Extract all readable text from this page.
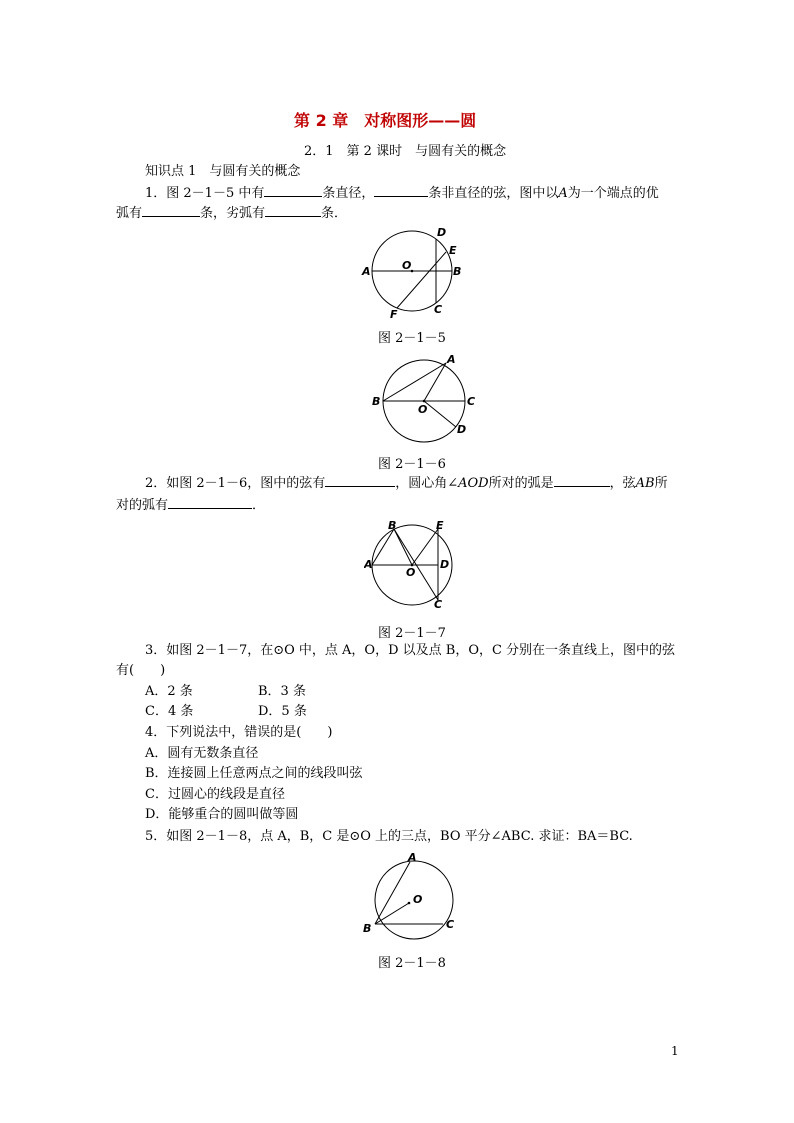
第 2 章　对称图形——圆
2．1　第 2 课时　与圆有关的概念
知识点 1　与圆有关的概念
1．图 2－1－5 中有	条直径，	条非直径的弦，图中以A为一个端点的优
弧有	条，劣弧有	条．
A	O	B
D
E
C
F
图 2－1－5
A
B
O
C
D
图 2－1－6
2．如图 2－1－6，图中的弦有	，圆心角∠AOD所对的弧是	，弦AB所
对的弧有	．
B	E
A
O
D
C
图 2－1－7
3．如图 2－1－7，在⊙O 中，点 A，O，D 以及点 B，O，C 分别在一条直线上，图中的弦
有(　　)
A．2 条	B．3 条
C．4 条	D．5 条
4．下列说法中，错误的是(　　)
A．圆有无数条直径
B．连接圆上任意两点之间的线段叫弦
C．过圆心的线段是直径
D．能够重合的圆叫做等圆
5．如图 2－1－8，点 A，B，C 是⊙O 上的三点，BO 平分∠ABC. 求证：BA＝BC.
A
O
B	C
图 2－1－8
1
